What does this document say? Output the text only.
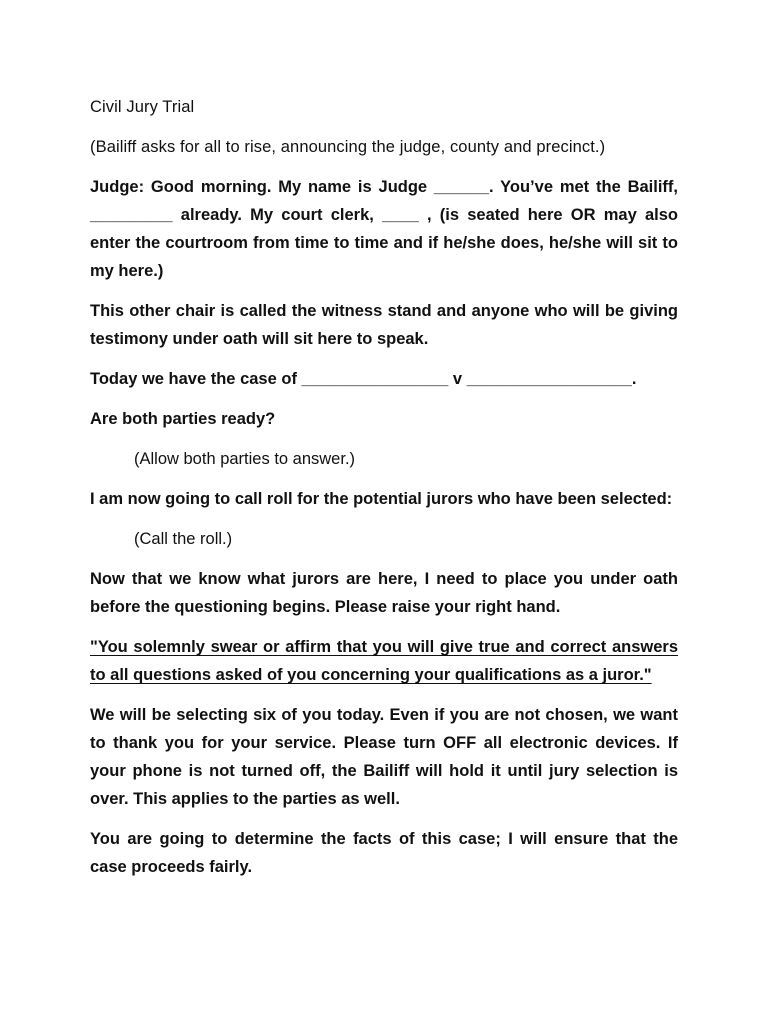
Civil Jury Trial

(Bailiff asks for all to rise, announcing the judge, county and precinct.)

Judge: Good morning. My name is Judge ______. You’ve met the Bailiff, _________ already. My court clerk, ____ , (is seated here OR may also enter the courtroom from time to time and if he/she does, he/she will sit to my here.)

This other chair is called the witness stand and anyone who will be giving testimony under oath will sit here to speak.

Today we have the case of ________________ v __________________.

Are both parties ready?

(Allow both parties to answer.)

I am now going to call roll for the potential jurors who have been selected:

(Call the roll.)

Now that we know what jurors are here, I need to place you under oath before the questioning begins. Please raise your right hand.

"You solemnly swear or affirm that you will give true and correct answers to all questions asked of you concerning your qualifications as a juror."

We will be selecting six of you today. Even if you are not chosen, we want to thank you for your service. Please turn OFF all electronic devices. If your phone is not turned off, the Bailiff will hold it until jury selection is over. This applies to the parties as well.

You are going to determine the facts of this case; I will ensure that the case proceeds fairly.
